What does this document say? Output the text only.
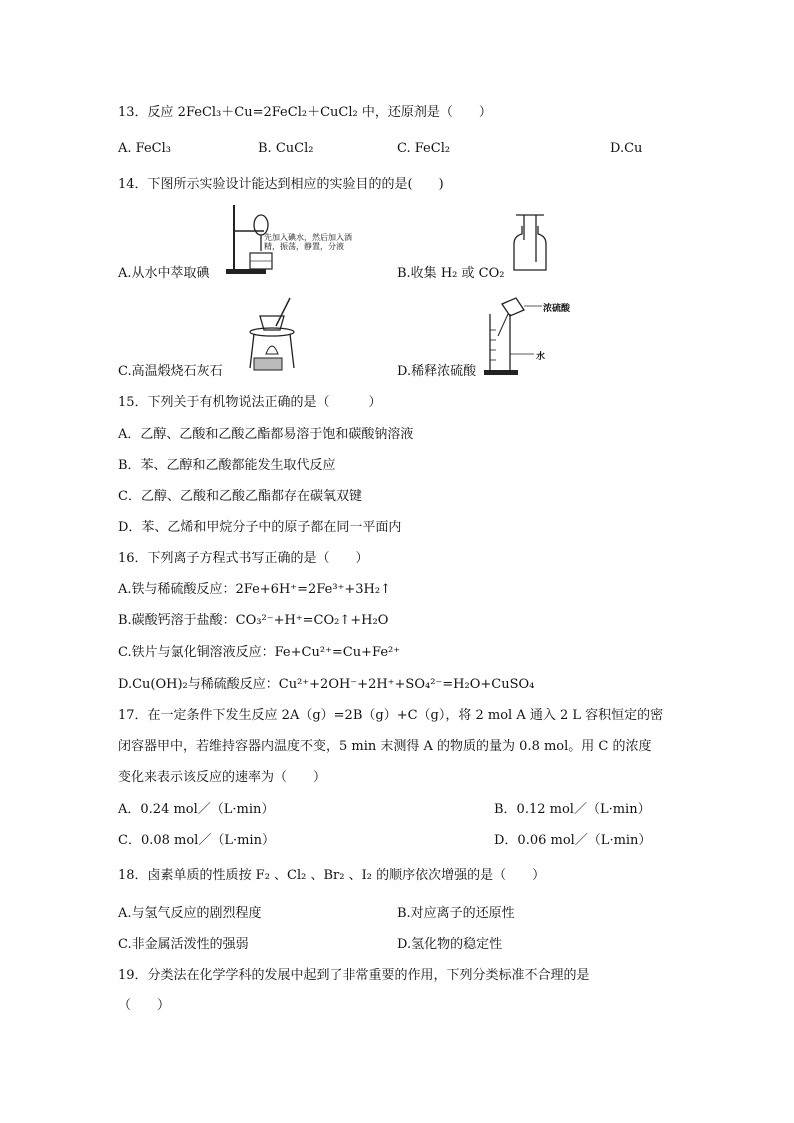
13．反应 2FeCl₃＋Cu=2FeCl₂＋CuCl₂ 中，还原剂是（　　）
A. FeCl₃	B. CuCl₂	C. FeCl₂	D.Cu
14．下图所示实验设计能达到相应的实验目的的是(　　)
先加入碘水，然后加入酒精，振荡，静置，分液
A.从水中萃取碘	B.收集 H₂ 或 CO₂
C.高温煅烧石灰石
浓硫酸
水
D.稀释浓硫酸
15．下列关于有机物说法正确的是（　　　）
A．乙醇、乙酸和乙酸乙酯都易溶于饱和碳酸钠溶液
B．苯、乙醇和乙酸都能发生取代反应
C．乙醇、乙酸和乙酸乙酯都存在碳氧双键
D．苯、乙烯和甲烷分子中的原子都在同一平面内
16．下列离子方程式书写正确的是（　　）
A.铁与稀硫酸反应：2Fe+6H⁺=2Fe³⁺+3H₂↑
B.碳酸钙溶于盐酸：CO₃²⁻+H⁺=CO₂↑+H₂O
C.铁片与氯化铜溶液反应：Fe+Cu²⁺=Cu+Fe²⁺
D.Cu(OH)₂与稀硫酸反应：Cu²⁺+2OH⁻+2H⁺+SO₄²⁻=H₂O+CuSO₄
17．在一定条件下发生反应 2A（g）=2B（g）+C（g），将 2 mol A 通入 2 L 容积恒定的密
闭容器甲中，若维持容器内温度不变，5 min 末测得 A 的物质的量为 0.8 mol。用 C 的浓度
变化来表示该反应的速率为（　　）
A．0.24 mol／（L·min）	B．0.12 mol／（L·min）
C．0.08 mol／（L·min）	D．0.06 mol／（L·min）
18．卤素单质的性质按 F₂ 、Cl₂ 、Br₂ 、I₂ 的顺序依次增强的是（　　）
A.与氢气反应的剧烈程度	B.对应离子的还原性
C.非金属活泼性的强弱	D.氢化物的稳定性
19．分类法在化学学科的发展中起到了非常重要的作用，下列分类标准不合理的是
（　　）
